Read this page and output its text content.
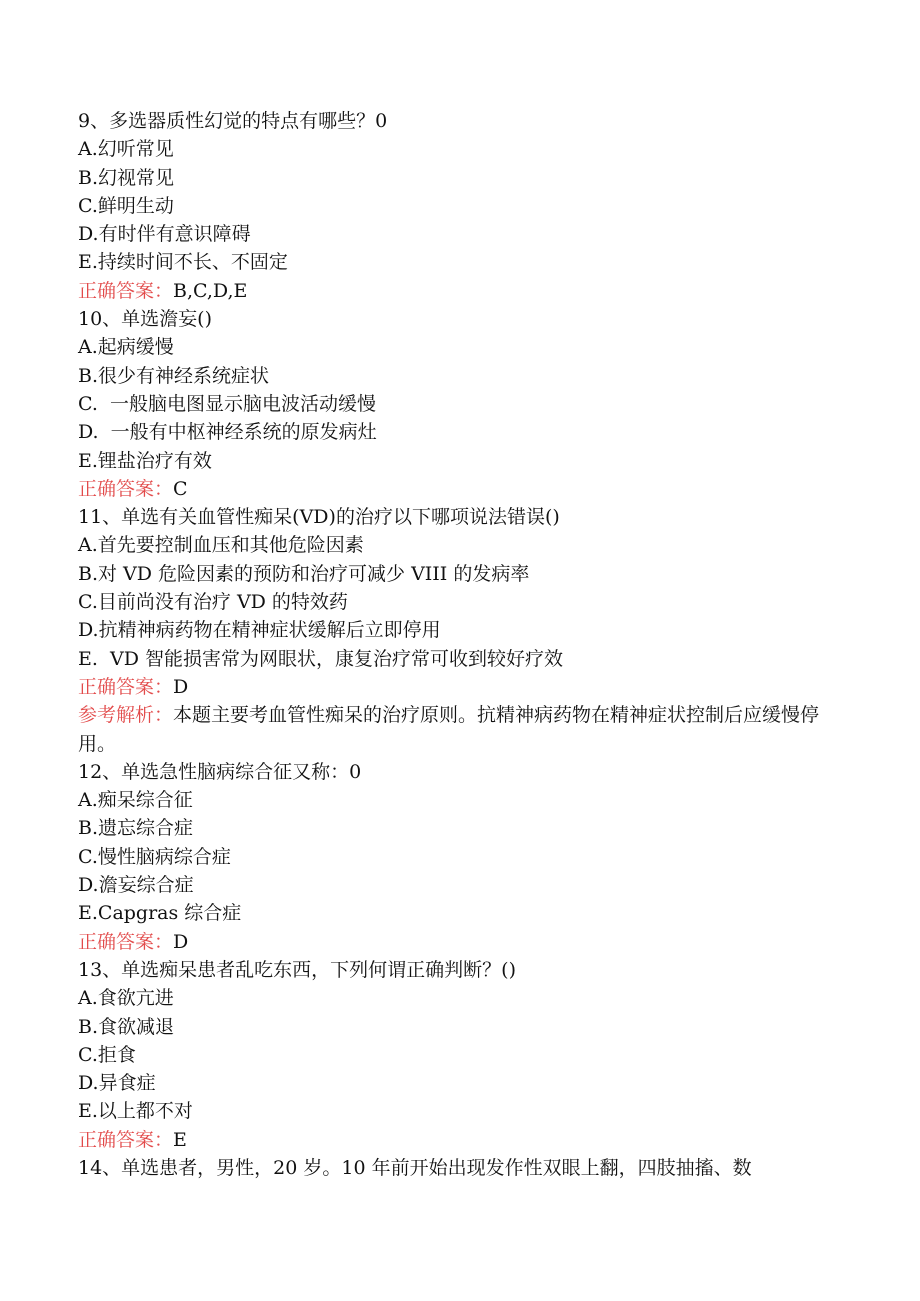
9、多选器质性幻觉的特点有哪些？0
A.幻听常见
B.幻视常见
C.鲜明生动
D.有时伴有意识障碍
E.持续时间不长、不固定
正确答案：B,C,D,E
10、单选澹妄()
A.起病缓慢
B.很少有神经系统症状
C.  一般脑电图显示脑电波活动缓慢
D.  一般有中枢神经系统的原发病灶
E.锂盐治疗有效
正确答案：C
11、单选有关血管性痴呆(VD)的治疗以下哪项说法错误()
A.首先要控制血压和其他危险因素
B.对 VD 危险因素的预防和治疗可减少 VIII 的发病率
C.目前尚没有治疗 VD 的特效药
D.抗精神病药物在精神症状缓解后立即停用
E.  VD 智能损害常为网眼状，康复治疗常可收到较好疗效
正确答案：D
参考解析：本题主要考血管性痴呆的治疗原则。抗精神病药物在精神症状控制后应缓慢停用。
12、单选急性脑病综合征又称：0
A.痴呆综合征
B.遗忘综合症
C.慢性脑病综合症
D.澹妄综合症
E.Capgras 综合症
正确答案：D
13、单选痴呆患者乱吃东西，下列何谓正确判断？()
A.食欲亢进
B.食欲减退
C.拒食
D.异食症
E.以上都不对
正确答案：E
14、单选患者，男性，20 岁。10 年前开始出现发作性双眼上翻，四肢抽搐、数
